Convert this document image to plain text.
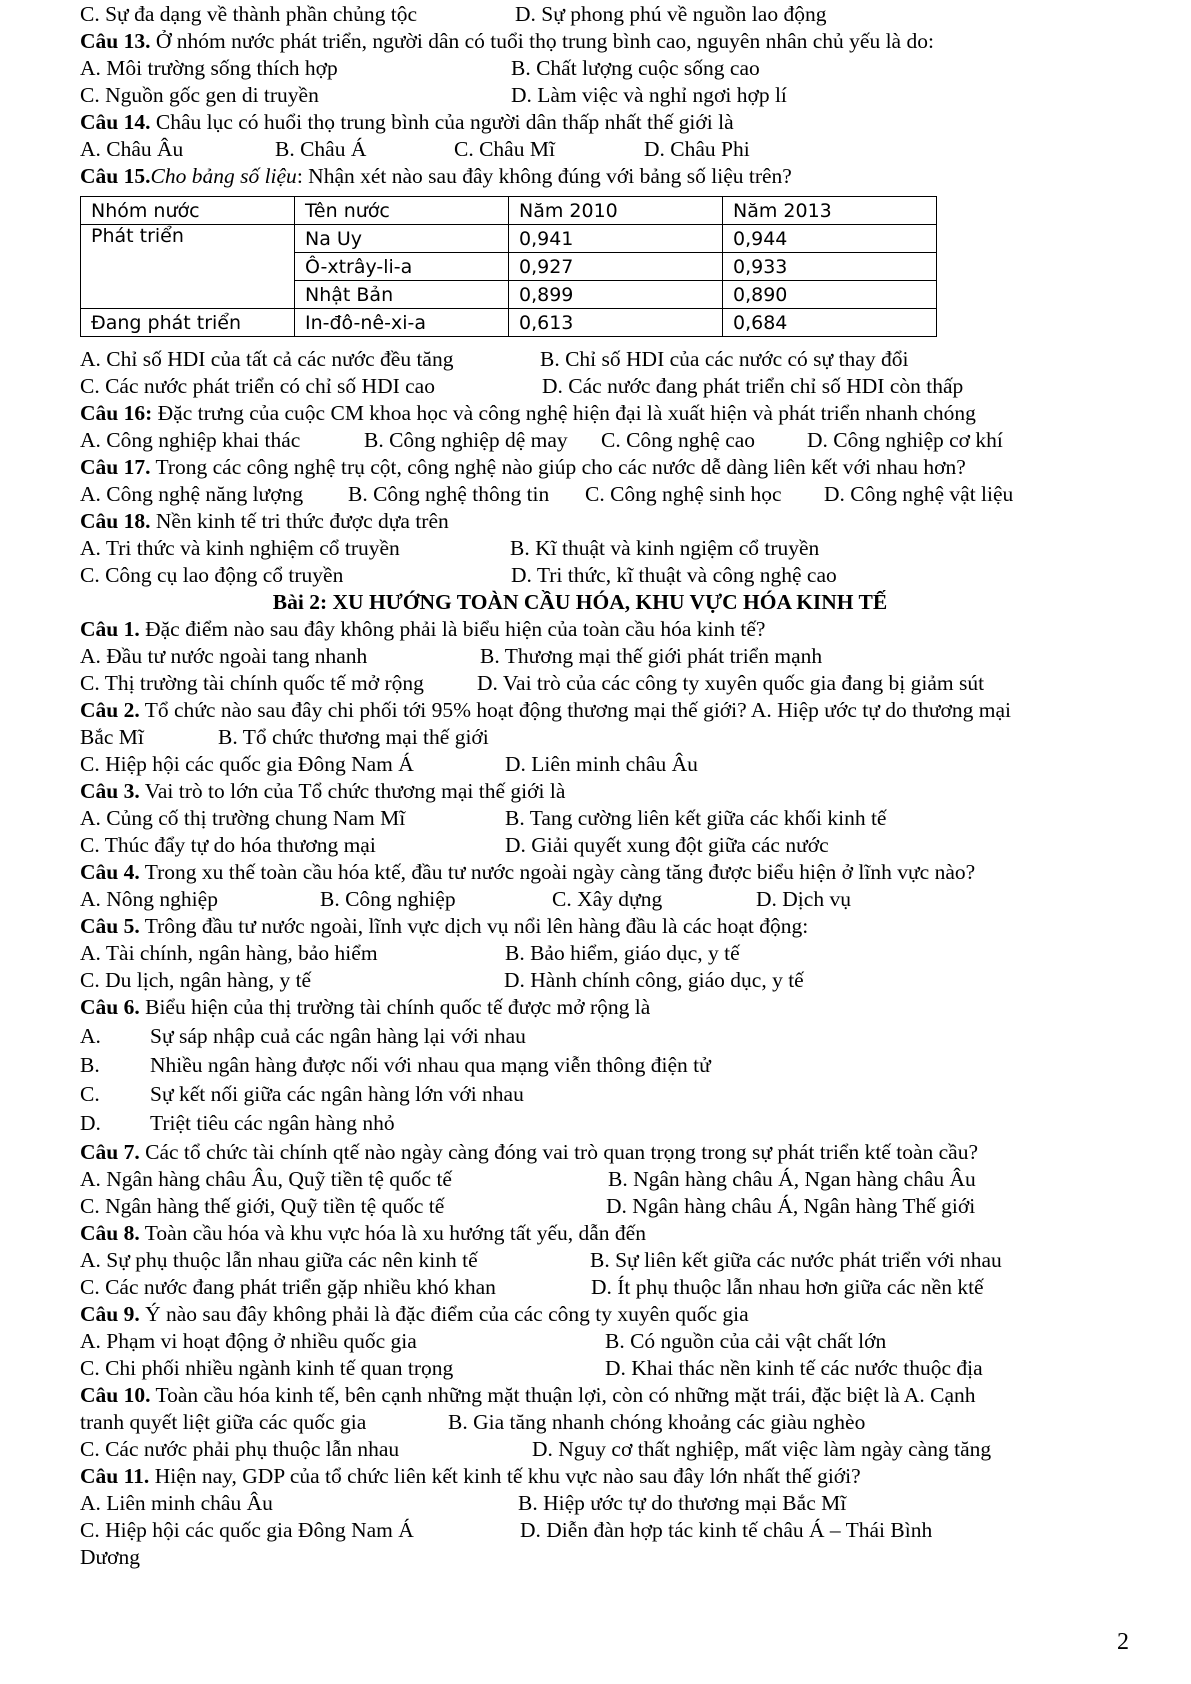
C. Sự đa dạng về thành phần chủng tộc	D. Sự phong phú về nguồn lao động
Câu 13. Ở nhóm nước phát triển, người dân có tuổi thọ trung bình cao, nguyên nhân chủ yếu là do:
A. Môi trường sống thích hợp	B. Chất lượng cuộc sống cao
C. Nguồn gốc gen di truyền	D. Làm việc và nghỉ ngơi hợp lí
Câu 14. Châu lục có huổi thọ trung bình của người dân thấp nhất thế giới là
A. Châu Âu	B. Châu Á	C. Châu Mĩ	D. Châu Phi
Câu 15.Cho bảng số liệu: Nhận xét nào sau đây không đúng với bảng số liệu trên?
Nhóm nước	Tên nước	Năm 2010	Năm 2013
Phát triển	Na Uy	0,941	0,944
	Ô-xtrây-li-a	0,927	0,933
	Nhật Bản	0,899	0,890
Đang phát triển	In-đô-nê-xi-a	0,613	0,684
A. Chỉ số HDI của tất cả các nước đều tăng	B. Chỉ số HDI của các nước có sự thay đổi
C. Các nước phát triển có chỉ số HDI cao	D. Các nước đang phát triển chỉ số HDI còn thấp
Câu 16: Đặc trưng của cuộc CM khoa học và công nghệ hiện đại là xuất hiện và phát triển nhanh chóng
A. Công nghiệp khai thác	B. Công nghiệp dệ may C. Công nghệ cao D. Công nghiệp cơ khí
Câu 17. Trong các công nghệ trụ cột, công nghệ nào giúp cho các nước dễ dàng liên kết với nhau hơn?
A. Công nghệ năng lượng B. Công nghệ thông tin C. Công nghệ sinh học D. Công nghệ vật liệu
Câu 18. Nền kinh tế tri thức được dựa trên
A. Tri thức và kinh nghiệm cổ truyền	B. Kĩ thuật và kinh ngiệm cổ truyền
C. Công cụ lao động cổ truyền	D. Tri thức, kĩ thuật và công nghệ cao
Bài 2: XU HƯỚNG TOÀN CẦU HÓA, KHU VỰC HÓA KINH TẾ
Câu 1. Đặc điểm nào sau đây không phải là biểu hiện của toàn cầu hóa kinh tế?
A. Đầu tư nước ngoài tang nhanh	B. Thương mại thế giới phát triển mạnh
C. Thị trường tài chính quốc tế mở rộng D. Vai trò của các công ty xuyên quốc gia đang bị giảm sút
Câu 2. Tổ chức nào sau đây chi phối tới 95% hoạt động thương mại thế giới? A. Hiệp ước tự do thương mại
Bắc Mĩ	B. Tổ chức thương mại thế giới
C. Hiệp hội các quốc gia Đông Nam Á	D. Liên minh châu Âu
Câu 3. Vai trò to lớn của Tổ chức thương mại thế giới là
A. Củng cố thị trường chung Nam Mĩ	B. Tang cường liên kết giữa các khối kinh tế
C. Thúc đẩy tự do hóa thương mại	D. Giải quyết xung đột giữa các nước
Câu 4. Trong xu thế toàn cầu hóa ktế, đầu tư nước ngoài ngày càng tăng được biểu hiện ở lĩnh vực nào?
A. Nông nghiệp	B. Công nghiệp	C. Xây dựng	D. Dịch vụ
Câu 5. Trông đầu tư nước ngoài, lĩnh vực dịch vụ nổi lên hàng đầu là các hoạt động:
A. Tài chính, ngân hàng, bảo hiểm	B. Bảo hiểm, giáo dục, y tế
C. Du lịch, ngân hàng, y tế	D. Hành chính công, giáo dục, y tế
Câu 6. Biểu hiện của thị trường tài chính quốc tế được mở rộng là
A. Sự sáp nhập cuả các ngân hàng lại với nhau
B. Nhiều ngân hàng được nối với nhau qua mạng viễn thông điện tử
C. Sự kết nối giữa các ngân hàng lớn với nhau
D. Triệt tiêu các ngân hàng nhỏ
Câu 7. Các tổ chức tài chính qtế nào ngày càng đóng vai trò quan trọng trong sự phát triển ktế toàn cầu?
A. Ngân hàng châu Âu, Quỹ tiền tệ quốc tế	B. Ngân hàng châu Á, Ngan hàng châu Âu
C. Ngân hàng thế giới, Quỹ tiền tệ quốc tế	D. Ngân hàng châu Á, Ngân hàng Thế giới
Câu 8. Toàn cầu hóa và khu vực hóa là xu hướng tất yếu, dẫn đến
A. Sự phụ thuộc lẫn nhau giữa các nên kinh tế	B. Sự liên kết giữa các nước phát triển với nhau
C. Các nước đang phát triển gặp nhiều khó khan	D. Ít phụ thuộc lẫn nhau hơn giữa các nền ktế
Câu 9. Ý nào sau đây không phải là đặc điểm của các công ty xuyên quốc gia
A. Phạm vi hoạt động ở nhiều quốc gia	B. Có nguồn của cải vật chất lớn
C. Chi phối nhiều ngành kinh tế quan trọng	D. Khai thác nền kinh tế các nước thuộc địa
Câu 10. Toàn cầu hóa kinh tế, bên cạnh những mặt thuận lợi, còn có những mặt trái, đặc biệt là A. Cạnh
tranh quyết liệt giữa các quốc gia	B. Gia tăng nhanh chóng khoảng các giàu nghèo
C. Các nước phải phụ thuộc lẫn nhau	D. Nguy cơ thất nghiệp, mất việc làm ngày càng tăng
Câu 11. Hiện nay, GDP của tổ chức liên kết kinh tế khu vực nào sau đây lớn nhất thế giới?
A. Liên minh châu Âu	B. Hiệp ước tự do thương mại Bắc Mĩ
C. Hiệp hội các quốc gia Đông Nam Á	D. Diễn đàn hợp tác kinh tế châu Á – Thái Bình
Dương
2
